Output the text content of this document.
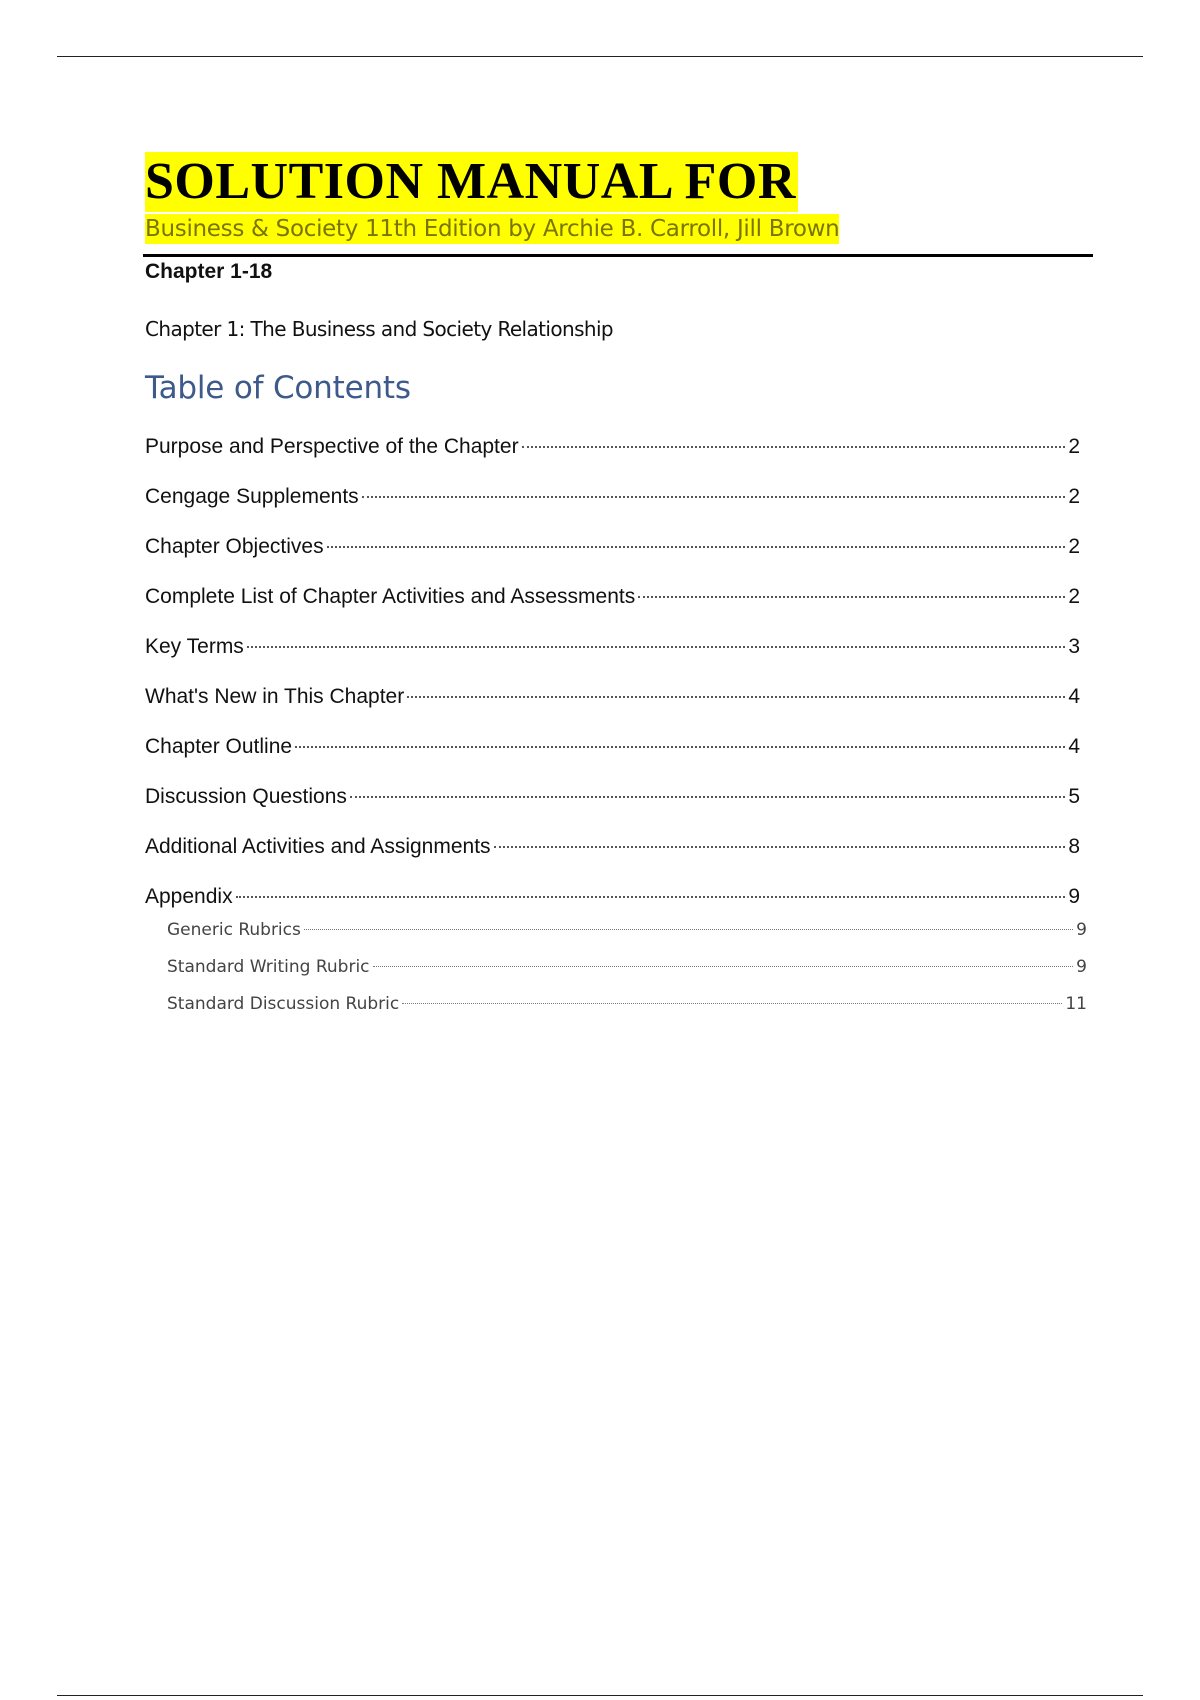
SOLUTION MANUAL FOR
Business & Society 11th Edition by Archie B. Carroll, Jill Brown
Chapter 1-18
Chapter 1: The Business and Society Relationship
Table of Contents
Purpose and Perspective of the Chapter	2
Cengage Supplements	2
Chapter Objectives	2
Complete List of Chapter Activities and Assessments	2
Key Terms	3
What's New in This Chapter	4
Chapter Outline	4
Discussion Questions	5
Additional Activities and Assignments	8
Appendix	9
Generic Rubrics	9
Standard Writing Rubric	9
Standard Discussion Rubric	11
